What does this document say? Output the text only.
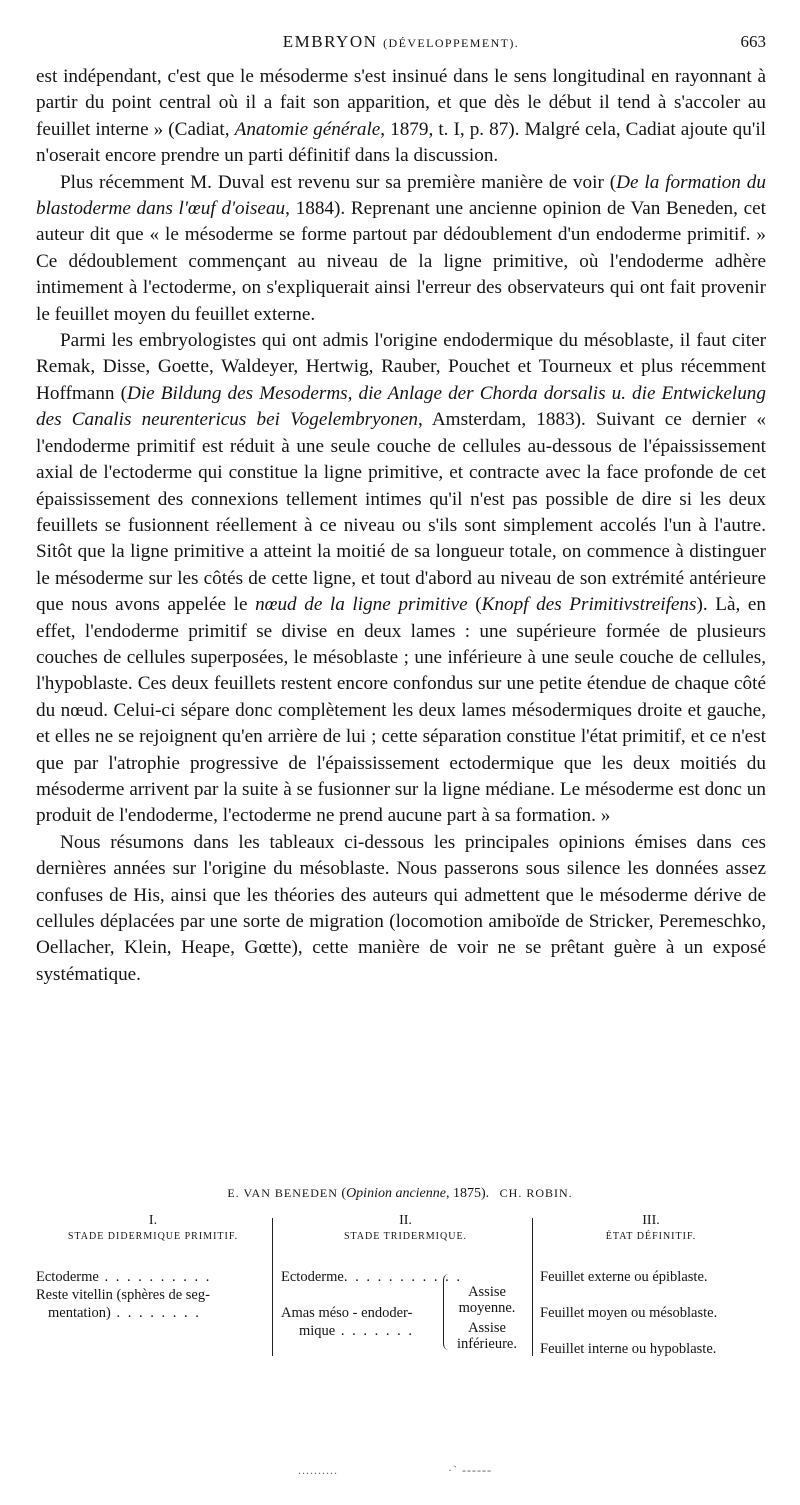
EMBRYON (DÉVELOPPEMENT).	663

est indépendant, c'est que le mésoderme s'est insinué dans le sens longitudinal en rayonnant à partir du point central où il a fait son apparition, et que dès le début il tend à s'accoler au feuillet interne » (Cadiat, Anatomie générale, 1879, t. I, p. 87). Malgré cela, Cadiat ajoute qu'il n'oserait encore prendre un parti définitif dans la discussion.

Plus récemment M. Duval est revenu sur sa première manière de voir (De la formation du blastoderme dans l'œuf d'oiseau, 1884). Reprenant une ancienne opinion de Van Beneden, cet auteur dit que « le mésoderme se forme partout par dédoublement d'un endoderme primitif. » Ce dédoublement commençant au niveau de la ligne primitive, où l'endoderme adhère intimement à l'ectoderme, on s'expliquerait ainsi l'erreur des observateurs qui ont fait provenir le feuillet moyen du feuillet externe.

Parmi les embryologistes qui ont admis l'origine endodermique du mésoblaste, il faut citer Remak, Disse, Goette, Waldeyer, Hertwig, Rauber, Pouchet et Tourneux et plus récemment Hoffmann (Die Bildung des Mesoderms, die Anlage der Chorda dorsalis u. die Entwickelung des Canalis neurentericus bei Vogelembryonen, Amsterdam, 1883). Suivant ce dernier « l'endoderme primitif est réduit à une seule couche de cellules au-dessous de l'épaississement axial de l'ectoderme qui constitue la ligne primitive, et contracte avec la face profonde de cet épaississement des connexions tellement intimes qu'il n'est pas possible de dire si les deux feuillets se fusionnent réellement à ce niveau ou s'ils sont simplement accolés l'un à l'autre. Sitôt que la ligne primitive a atteint la moitié de sa longueur totale, on commence à distinguer le mésoderme sur les côtés de cette ligne, et tout d'abord au niveau de son extrémité antérieure que nous avons appelée le nœud de la ligne primitive (Knopf des Primitivstreifens). Là, en effet, l'endoderme primitif se divise en deux lames : une supérieure formée de plusieurs couches de cellules superposées, le mésoblaste ; une inférieure à une seule couche de cellules, l'hypoblaste. Ces deux feuillets restent encore confondus sur une petite étendue de chaque côté du nœud. Celui-ci sépare donc complètement les deux lames mésodermiques droite et gauche, et elles ne se rejoignent qu'en arrière de lui ; cette séparation constitue l'état primitif, et ce n'est que par l'atrophie progressive de l'épaississement ectodermique que les deux moitiés du mésoderme arrivent par la suite à se fusionner sur la ligne médiane. Le mésoderme est donc un produit de l'endoderme, l'ectoderme ne prend aucune part à sa formation. »

Nous résumons dans les tableaux ci-dessous les principales opinions émises dans ces dernières années sur l'origine du mésoblaste. Nous passerons sous silence les données assez confuses de His, ainsi que les théories des auteurs qui admettent que le mésoderme dérive de cellules déplacées par une sorte de migration (locomotion amiboïde de Stricker, Peremeschko, Oellacher, Klein, Heape, Gœtte), cette manière de voir ne se prêtant guère à un exposé systématique.

E. VAN BENEDEN (Opinion ancienne, 1875). CH. ROBIN.
I.
STADE DIDERMIQUE PRIMITIF.
Ectoderme . . . . . . . . . .
Reste vitellin (sphères de seg-
mentation) . . . . . . . .
II.
STADE TRIDERMIQUE.
Ectoderme. . . . . . . . . . .
Amas méso - endoder-
mique . . . . . . .
Assise
moyenne.
Assise
inférieure.
III.
ÉTAT DÉFINITIF.
Feuillet externe ou épiblaste.
Feuillet moyen ou mésoblaste.
Feuillet interne ou hypoblaste.
..........	·ˋ ------
